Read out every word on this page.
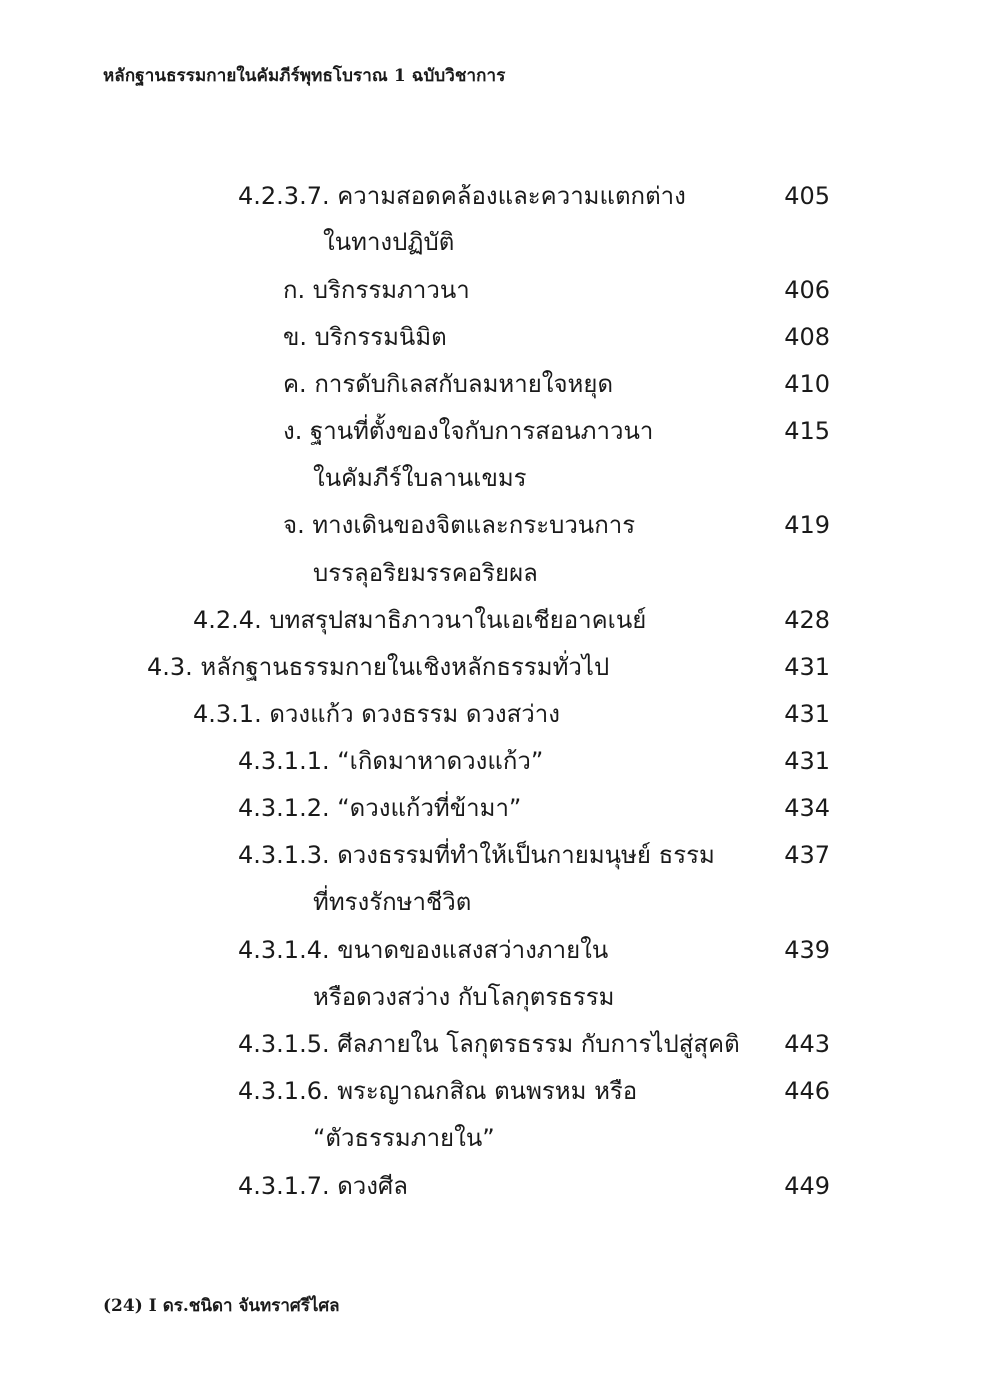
หลักฐานธรรมกายในคัมภีร์พุทธโบราณ 1 ฉบับวิชาการ
4.2.3.7. ความสอดคล้องและความแตกต่าง	405
ในทางปฏิบัติ
ก. บริกรรมภาวนา	406
ข. บริกรรมนิมิต	408
ค. การดับกิเลสกับลมหายใจหยุด	410
ง. ฐานที่ตั้งของใจกับการสอนภาวนา	415
ในคัมภีร์ใบลานเขมร
จ. ทางเดินของจิตและกระบวนการ	419
บรรลุอริยมรรคอริยผล
4.2.4. บทสรุปสมาธิภาวนาในเอเชียอาคเนย์	428
4.3. หลักฐานธรรมกายในเชิงหลักธรรมทั่วไป	431
4.3.1. ดวงแก้ว ดวงธรรม ดวงสว่าง	431
4.3.1.1. “เกิดมาหาดวงแก้ว”	431
4.3.1.2. “ดวงแก้วที่ข้ามา”	434
4.3.1.3. ดวงธรรมที่ทำให้เป็นกายมนุษย์ ธรรม	437
ที่ทรงรักษาชีวิต
4.3.1.4. ขนาดของแสงสว่างภายใน	439
หรือดวงสว่าง กับโลกุตรธรรม
4.3.1.5. ศีลภายใน โลกุตรธรรม กับการไปสู่สุคติ 443
4.3.1.6. พระญาณกสิณ ตนพรหม หรือ	446
“ตัวธรรมภายใน”
4.3.1.7. ดวงศีล	449
(24) I ดร.ชนิดา จันทราศรีไศล
